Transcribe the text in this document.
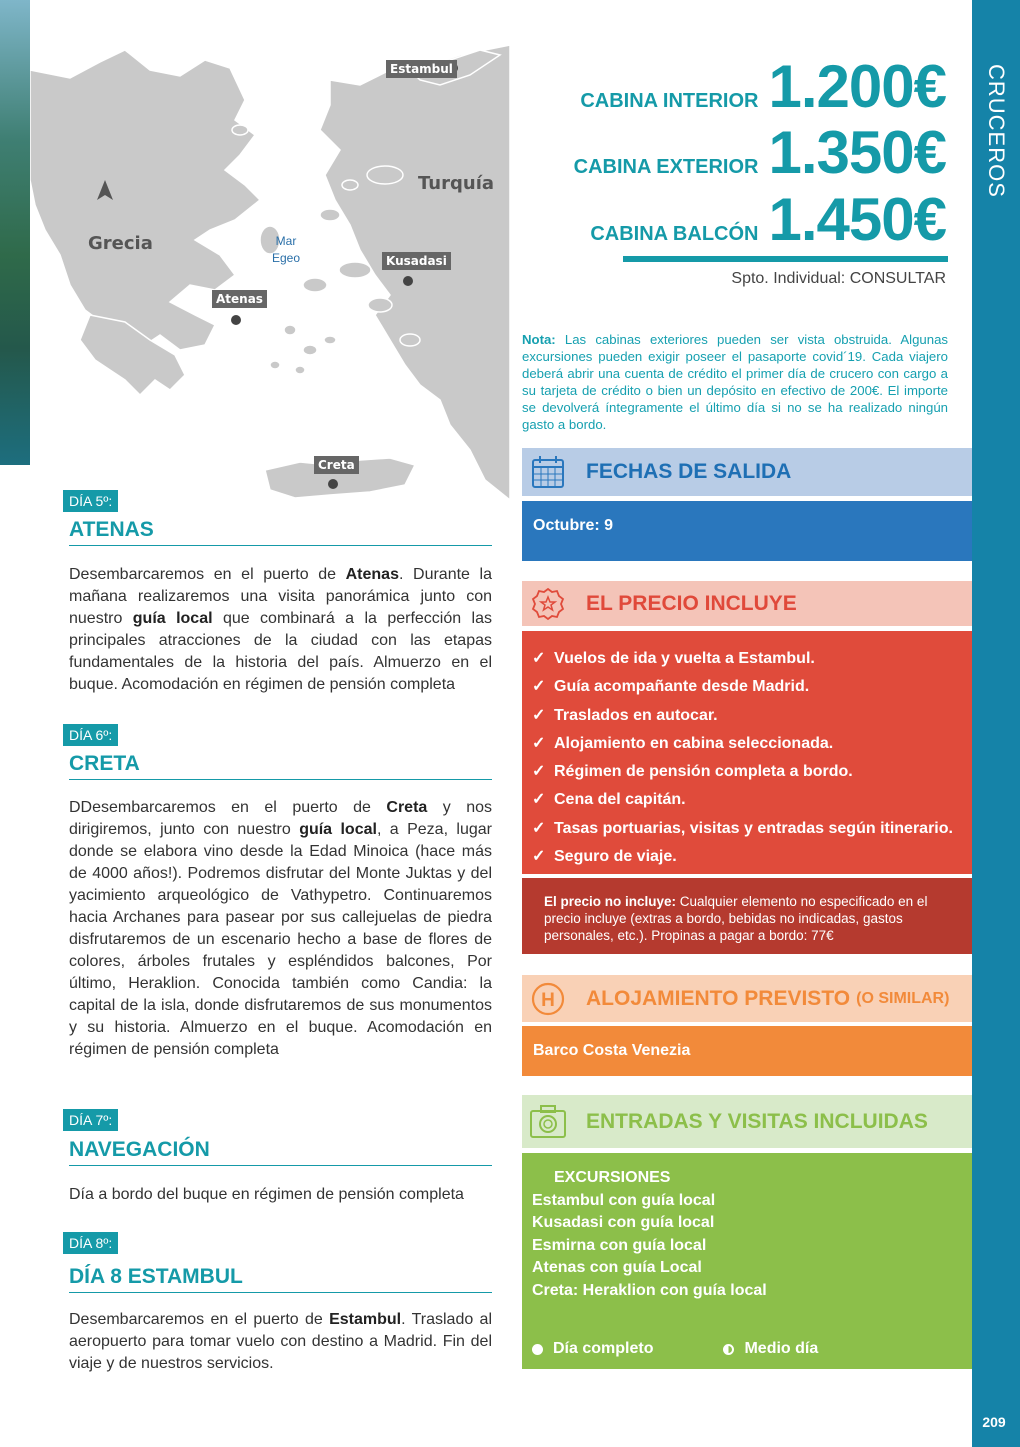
CRUCEROS
209
Estambul
Kusadasi
Atenas
Creta
Grecia
Turquía
Mar
Egeo
CABINA INTERIOR 1.200€
CABINA EXTERIOR 1.350€
CABINA BALCÓN 1.450€
Spto. Individual: CONSULTAR
Nota: Las cabinas exteriores pueden ser vista obstruida. Algunas excursiones pueden exigir poseer el pasaporte covid´19. Cada viajero deberá abrir una cuenta de crédito el primer día de crucero con cargo a su tarjeta de crédito o bien un depósito en efectivo de 200€. El importe se devolverá íntegramente el último día si no se ha realizado ningún gasto a bordo.
DÍA 5º:
ATENAS
Desembarcaremos en el puerto de Atenas. Durante la mañana realizaremos una visita panorámica junto con nuestro guía local que combinará a la perfección las principales atracciones de la ciudad con las etapas fundamentales de la historia del país. Almuerzo en el buque. Acomodación en régimen de pensión completa
DÍA 6º:
CRETA
DDesembarcaremos en el puerto de Creta y nos dirigiremos, junto con nuestro guía local, a Peza, lugar donde se elabora vino desde la Edad Minoica (hace más de 4000 años!). Podremos disfrutar del Monte Juktas y del yacimiento arqueológico de Vathypetro. Continuaremos hacia Archanes para pasear por sus callejuelas de piedra disfrutaremos de un escenario hecho a base de flores de colores, árboles frutales y espléndidos balcones, Por último, Heraklion. Conocida también como Candia: la capital de la isla, donde disfrutaremos de sus monumentos y su historia. Almuerzo en el buque. Acomodación en régimen de pensión completa
DÍA 7º:
NAVEGACIÓN
Día a bordo del buque en régimen de pensión completa
DÍA 8º:
DÍA 8 ESTAMBUL
Desembarcaremos en el puerto de Estambul. Traslado al aeropuerto para tomar vuelo con destino a Madrid. Fin del viaje y de nuestros servicios.
FECHAS DE SALIDA
Octubre: 9
EL PRECIO INCLUYE
✓ Vuelos de ida y vuelta a Estambul.
✓ Guía acompañante desde Madrid.
✓ Traslados en autocar.
✓ Alojamiento en cabina seleccionada.
✓ Régimen de pensión completa a bordo.
✓ Cena del capitán.
✓ Tasas portuarias, visitas y entradas según itinerario.
✓ Seguro de viaje.
El precio no incluye: Cualquier elemento no especificado en el precio incluye (extras a bordo, bebidas no indicadas, gastos personales, etc.). Propinas a pagar a bordo: 77€
H ALOJAMIENTO PREVISTO (O SIMILAR)
Barco Costa Venezia
ENTRADAS Y VISITAS INCLUIDAS
EXCURSIONES
Estambul con guía local
Kusadasi con guía local
Esmirna con guía local
Atenas con guía Local
Creta: Heraklion con guía local
Día completo	Medio día
